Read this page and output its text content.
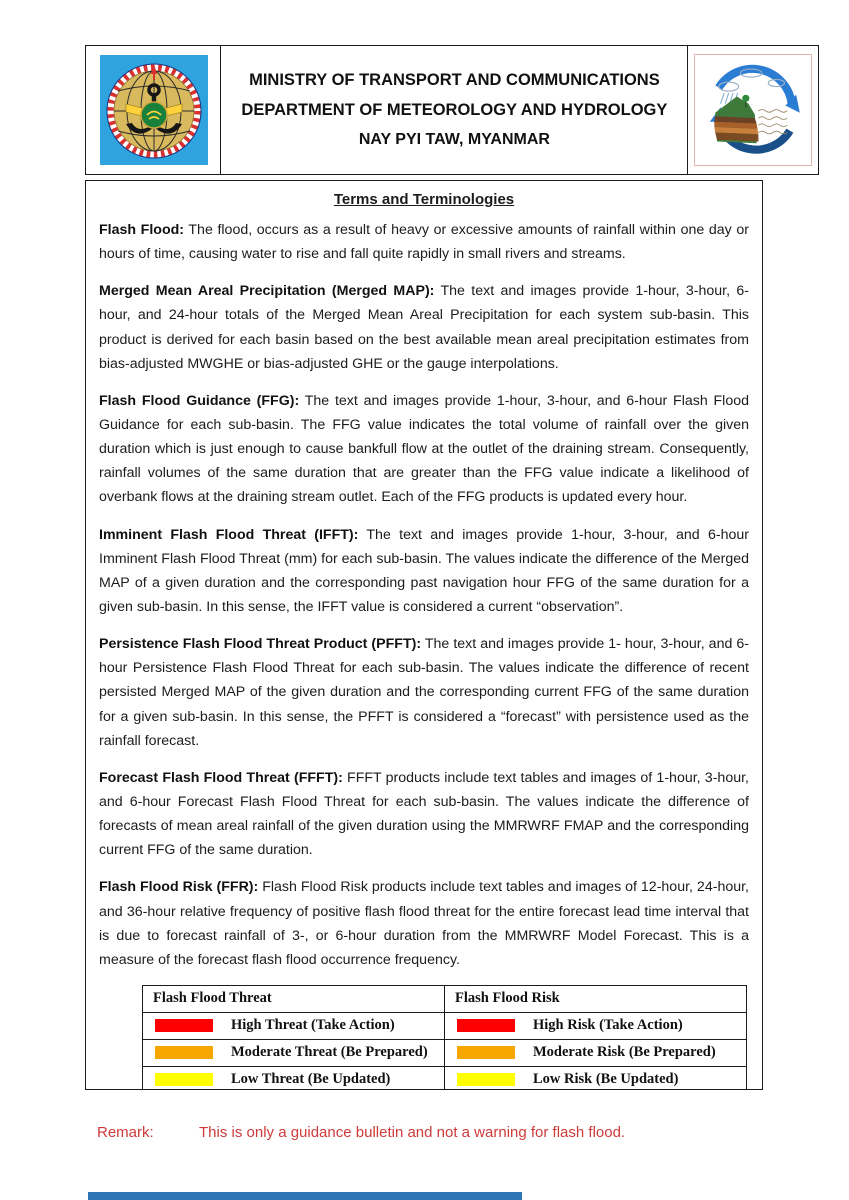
MINISTRY OF TRANSPORT AND COMMUNICATIONS
DEPARTMENT OF METEOROLOGY AND HYDROLOGY
NAY PYI TAW, MYANMAR
Terms and Terminologies

Flash Flood: The flood, occurs as a result of heavy or excessive amounts of rainfall within one day or hours of time, causing water to rise and fall quite rapidly in small rivers and streams.

Merged Mean Areal Precipitation (Merged MAP): The text and images provide 1-hour, 3-hour, 6-hour, and 24-hour totals of the Merged Mean Areal Precipitation for each system sub-basin. This product is derived for each basin based on the best available mean areal precipitation estimates from bias-adjusted MWGHE or bias-adjusted GHE or the gauge interpolations.

Flash Flood Guidance (FFG): The text and images provide 1-hour, 3-hour, and 6-hour Flash Flood Guidance for each sub-basin. The FFG value indicates the total volume of rainfall over the given duration which is just enough to cause bankfull flow at the outlet of the draining stream. Consequently, rainfall volumes of the same duration that are greater than the FFG value indicate a likelihood of overbank flows at the draining stream outlet. Each of the FFG products is updated every hour.

Imminent Flash Flood Threat (IFFT): The text and images provide 1-hour, 3-hour, and 6-hour Imminent Flash Flood Threat (mm) for each sub-basin. The values indicate the difference of the Merged MAP of a given duration and the corresponding past navigation hour FFG of the same duration for a given sub-basin. In this sense, the IFFT value is considered a current “observation”.

Persistence Flash Flood Threat Product (PFFT): The text and images provide 1- hour, 3-hour, and 6-hour Persistence Flash Flood Threat for each sub-basin. The values indicate the difference of recent persisted Merged MAP of the given duration and the corresponding current FFG of the same duration for a given sub-basin. In this sense, the PFFT is considered a “forecast” with persistence used as the rainfall forecast.

Forecast Flash Flood Threat (FFFT): FFFT products include text tables and images of 1-hour, 3-hour, and 6-hour Forecast Flash Flood Threat for each sub-basin. The values indicate the difference of forecasts of mean areal rainfall of the given duration using the MMRWRF FMAP and the corresponding current FFG of the same duration.

Flash Flood Risk (FFR): Flash Flood Risk products include text tables and images of 12-hour, 24-hour, and 36-hour relative frequency of positive flash flood threat for the entire forecast lead time interval that is due to forecast rainfall of 3-, or 6-hour duration from the MMRWRF Model Forecast. This is a measure of the forecast flash flood occurrence frequency.

Flash Flood Threat	Flash Flood Risk

High Threat (Take Action)	High Risk (Take Action)

Moderate Threat (Be Prepared)	Moderate Risk (Be Prepared)

Low Threat (Be Updated)	Low Risk (Be Updated)
Remark:	This is only a guidance bulletin and not a warning for flash flood.
